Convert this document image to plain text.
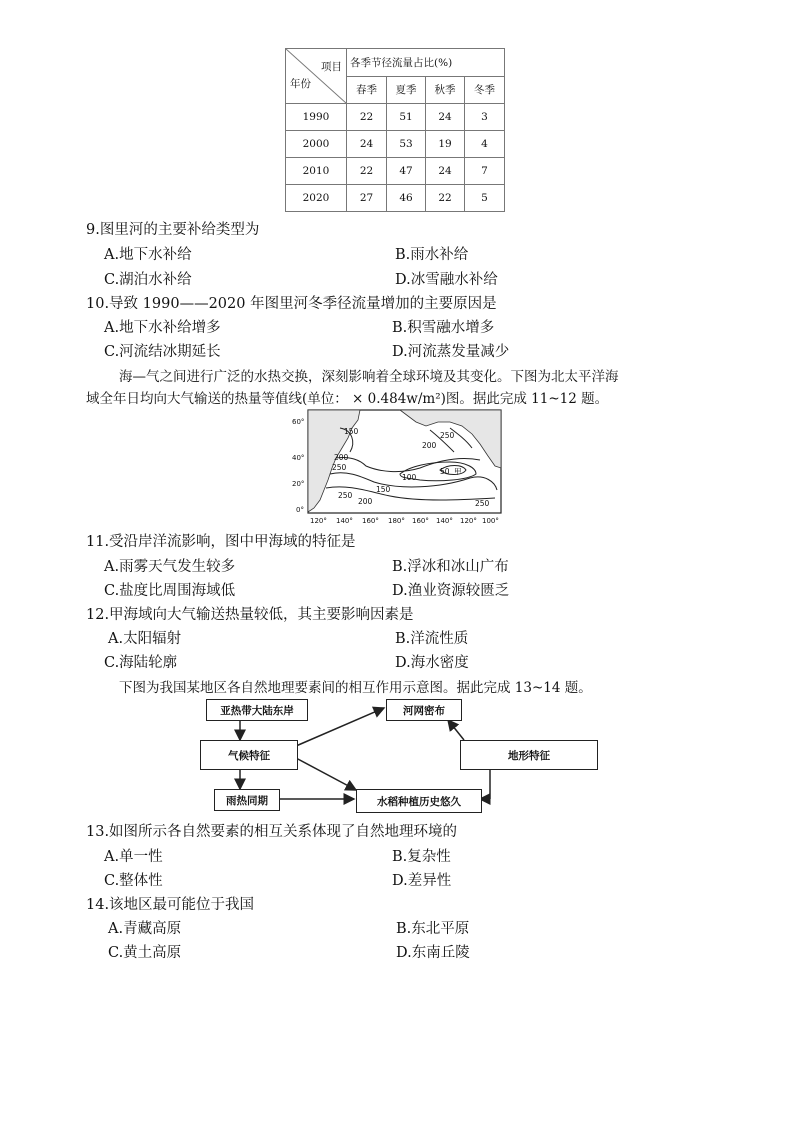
项目
年份	各季节径流量占比(%)			
	春季	夏季	秋季	冬季
1990	22	51	24	3
2000	24	53	19	4
2010	22	47	24	7
2020	27	46	22	5
9.图里河的主要补给类型为
A.地下水补给	B.雨水补给
C.湖泊水补给	D.冰雪融水补给
10.导致 1990——2020 年图里河冬季径流量增加的主要原因是
A.地下水补给增多	B.积雪融水增多
C.河流结冰期延长	D.河流蒸发量减少
海—气之间进行广泛的水热交换，深刻影响着全球环境及其变化。下图为北太平洋海
域全年日均向大气输送的热量等值线(单位： × 0.484w/m²)图。据此完成 11~12 题。
150
200
250
200
250
100
50 甲
150
200
250
250
60°
40°
20°
0°
120° 140° 160° 180° 160° 140° 120° 100°
11.受沿岸洋流影响，图中甲海域的特征是
A.雨雾天气发生较多	B.浮冰和冰山广布
C.盐度比周围海域低	D.渔业资源较匮乏
12.甲海域向大气输送热量较低，其主要影响因素是
A.太阳辐射	B.洋流性质
C.海陆轮廓	D.海水密度
下图为我国某地区各自然地理要素间的相互作用示意图。据此完成 13~14 题。
亚热带大陆东岸	河网密布
气候特征	地形特征
雨热同期	水稻种植历史悠久
13.如图所示各自然要素的相互关系体现了自然地理环境的
A.单一性	B.复杂性
C.整体性	D.差异性
14.该地区最可能位于我国
A.青藏高原	B.东北平原
C.黄土高原	D.东南丘陵
